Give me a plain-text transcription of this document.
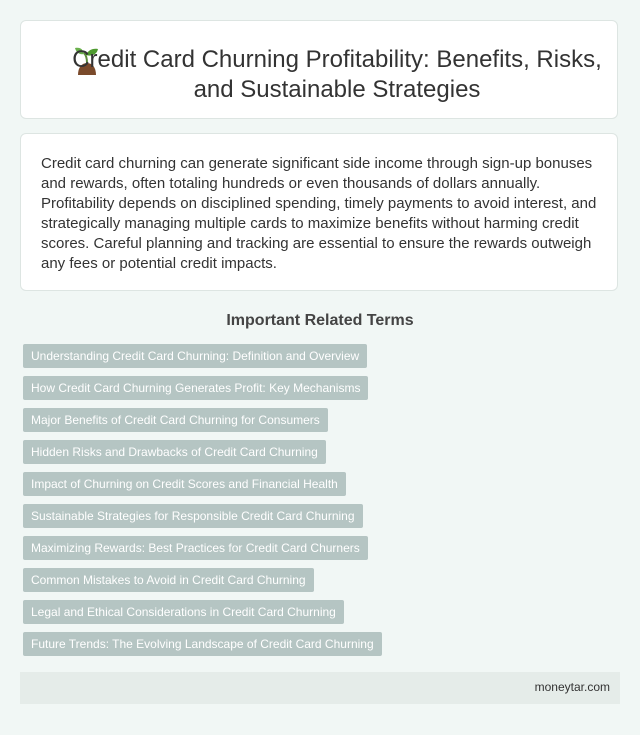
Credit Card Churning Profitability: Benefits, Risks, and Sustainable Strategies

Credit card churning can generate significant side income through sign-up bonuses and rewards, often totaling hundreds or even thousands of dollars annually. Profitability depends on disciplined spending, timely payments to avoid interest, and strategically managing multiple cards to maximize benefits without harming credit scores. Careful planning and tracking are essential to ensure the rewards outweigh any fees or potential credit impacts.

Important Related Terms
Understanding Credit Card Churning: Definition and Overview
How Credit Card Churning Generates Profit: Key Mechanisms
Major Benefits of Credit Card Churning for Consumers
Hidden Risks and Drawbacks of Credit Card Churning
Impact of Churning on Credit Scores and Financial Health
Sustainable Strategies for Responsible Credit Card Churning
Maximizing Rewards: Best Practices for Credit Card Churners
Common Mistakes to Avoid in Credit Card Churning
Legal and Ethical Considerations in Credit Card Churning
Future Trends: The Evolving Landscape of Credit Card Churning
moneytar.com
